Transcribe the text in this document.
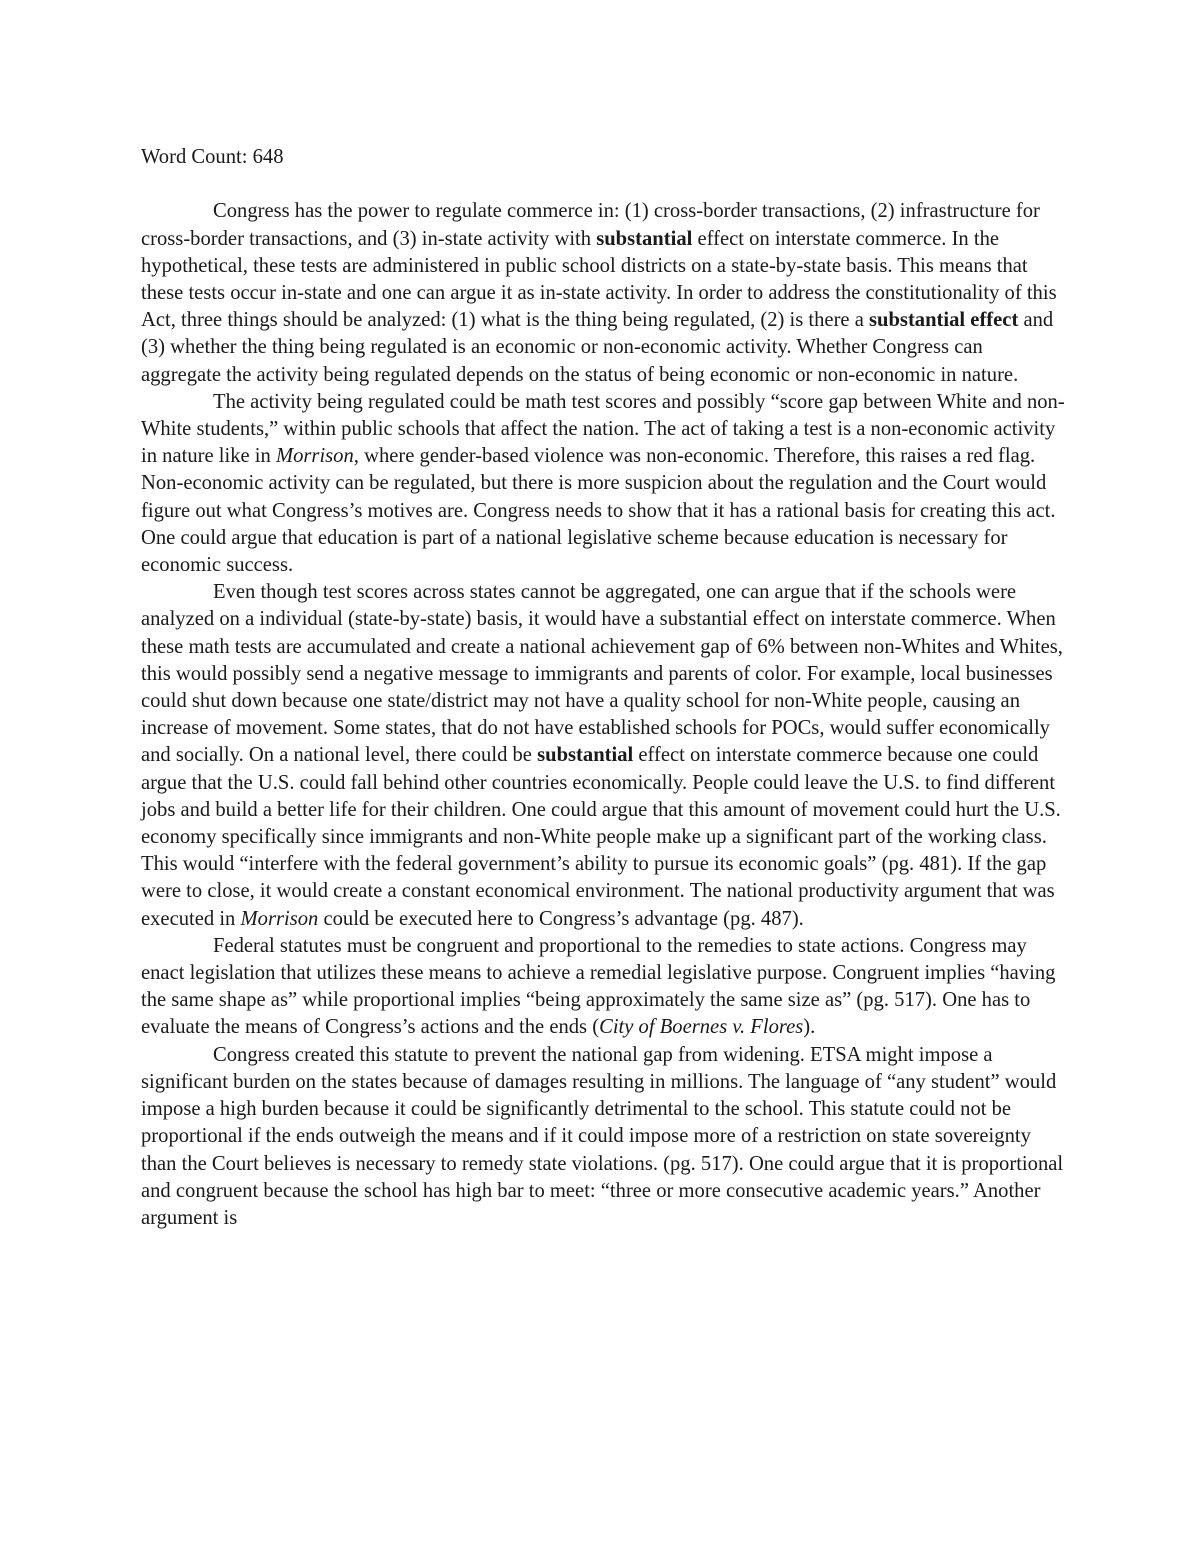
Word Count: 648

Congress has the power to regulate commerce in: (1) cross-border transactions, (2) infrastructure for cross-border transactions, and (3) in-state activity with substantial effect on interstate commerce. In the hypothetical, these tests are administered in public school districts on a state-by-state basis. This means that these tests occur in-state and one can argue it as in-state activity. In order to address the constitutionality of this Act, three things should be analyzed: (1) what is the thing being regulated, (2) is there a substantial effect and (3) whether the thing being regulated is an economic or non-economic activity. Whether Congress can aggregate the activity being regulated depends on the status of being economic or non-economic in nature.

The activity being regulated could be math test scores and possibly “score gap between White and non-White students,” within public schools that affect the nation. The act of taking a test is a non-economic activity in nature like in Morrison, where gender-based violence was non-economic. Therefore, this raises a red flag. Non-economic activity can be regulated, but there is more suspicion about the regulation and the Court would figure out what Congress’s motives are. Congress needs to show that it has a rational basis for creating this act. One could argue that education is part of a national legislative scheme because education is necessary for economic success.

Even though test scores across states cannot be aggregated, one can argue that if the schools were analyzed on a individual (state-by-state) basis, it would have a substantial effect on interstate commerce. When these math tests are accumulated and create a national achievement gap of 6% between non-Whites and Whites, this would possibly send a negative message to immigrants and parents of color. For example, local businesses could shut down because one state/district may not have a quality school for non-White people, causing an increase of movement. Some states, that do not have established schools for POCs, would suffer economically and socially. On a national level, there could be substantial effect on interstate commerce because one could argue that the U.S. could fall behind other countries economically. People could leave the U.S. to find different jobs and build a better life for their children. One could argue that this amount of movement could hurt the U.S. economy specifically since immigrants and non-White people make up a significant part of the working class. This would “interfere with the federal government’s ability to pursue its economic goals” (pg. 481). If the gap were to close, it would create a constant economical environment. The national productivity argument that was executed in Morrison could be executed here to Congress’s advantage (pg. 487).

Federal statutes must be congruent and proportional to the remedies to state actions. Congress may enact legislation that utilizes these means to achieve a remedial legislative purpose. Congruent implies “having the same shape as” while proportional implies “being approximately the same size as” (pg. 517). One has to evaluate the means of Congress’s actions and the ends (City of Boernes v. Flores).

Congress created this statute to prevent the national gap from widening. ETSA might impose a significant burden on the states because of damages resulting in millions. The language of “any student” would impose a high burden because it could be significantly detrimental to the school. This statute could not be proportional if the ends outweigh the means and if it could impose more of a restriction on state sovereignty than the Court believes is necessary to remedy state violations. (pg. 517). One could argue that it is proportional and congruent because the school has high bar to meet: “three or more consecutive academic years.” Another argument is
